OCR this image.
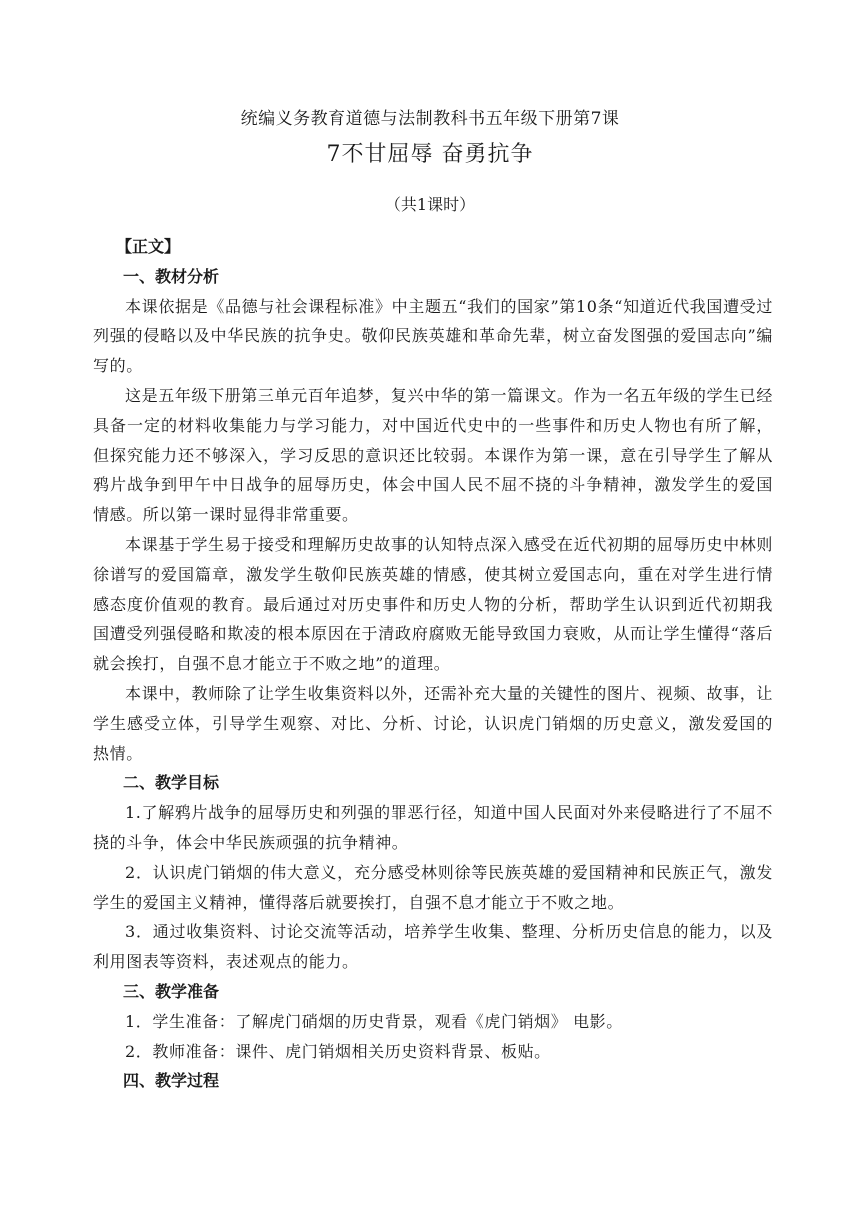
统编义务教育道德与法制教科书五年级下册第7课
7不甘屈辱 奋勇抗争
（共1课时）
【正文】
一、教材分析

本课依据是《品德与社会课程标准》中主题五“我们的国家”第10条“知道近代我国遭受过列强的侵略以及中华民族的抗争史。敬仰民族英雄和革命先辈，树立奋发图强的爱国志向”编写的。

这是五年级下册第三单元百年追梦，复兴中华的第一篇课文。作为一名五年级的学生已经具备一定的材料收集能力与学习能力，对中国近代史中的一些事件和历史人物也有所了解，但探究能力还不够深入，学习反思的意识还比较弱。本课作为第一课，意在引导学生了解从鸦片战争到甲午中日战争的屈辱历史，体会中国人民不屈不挠的斗争精神，激发学生的爱国情感。所以第一课时显得非常重要。

本课基于学生易于接受和理解历史故事的认知特点深入感受在近代初期的屈辱历史中林则徐谱写的爱国篇章，激发学生敬仰民族英雄的情感，使其树立爱国志向，重在对学生进行情感态度价值观的教育。最后通过对历史事件和历史人物的分析，帮助学生认识到近代初期我国遭受列强侵略和欺凌的根本原因在于清政府腐败无能导致国力衰败，从而让学生懂得“落后就会挨打，自强不息才能立于不败之地”的道理。

本课中，教师除了让学生收集资料以外，还需补充大量的关键性的图片、视频、故事，让学生感受立体，引导学生观察、对比、分析、讨论，认识虎门销烟的历史意义，激发爱国的热情。

二、教学目标

1.了解鸦片战争的屈辱历史和列强的罪恶行径，知道中国人民面对外来侵略进行了不屈不挠的斗争，体会中华民族顽强的抗争精神。

2．认识虎门销烟的伟大意义，充分感受林则徐等民族英雄的爱国精神和民族正气，激发学生的爱国主义精神，懂得落后就要挨打，自强不息才能立于不败之地。

3．通过收集资料、讨论交流等活动，培养学生收集、整理、分析历史信息的能力，以及利用图表等资料，表述观点的能力。

三、教学准备

1．学生准备：了解虎门硝烟的历史背景，观看《虎门销烟》 电影。

2．教师准备：课件、虎门销烟相关历史资料背景、板贴。

四、教学过程
